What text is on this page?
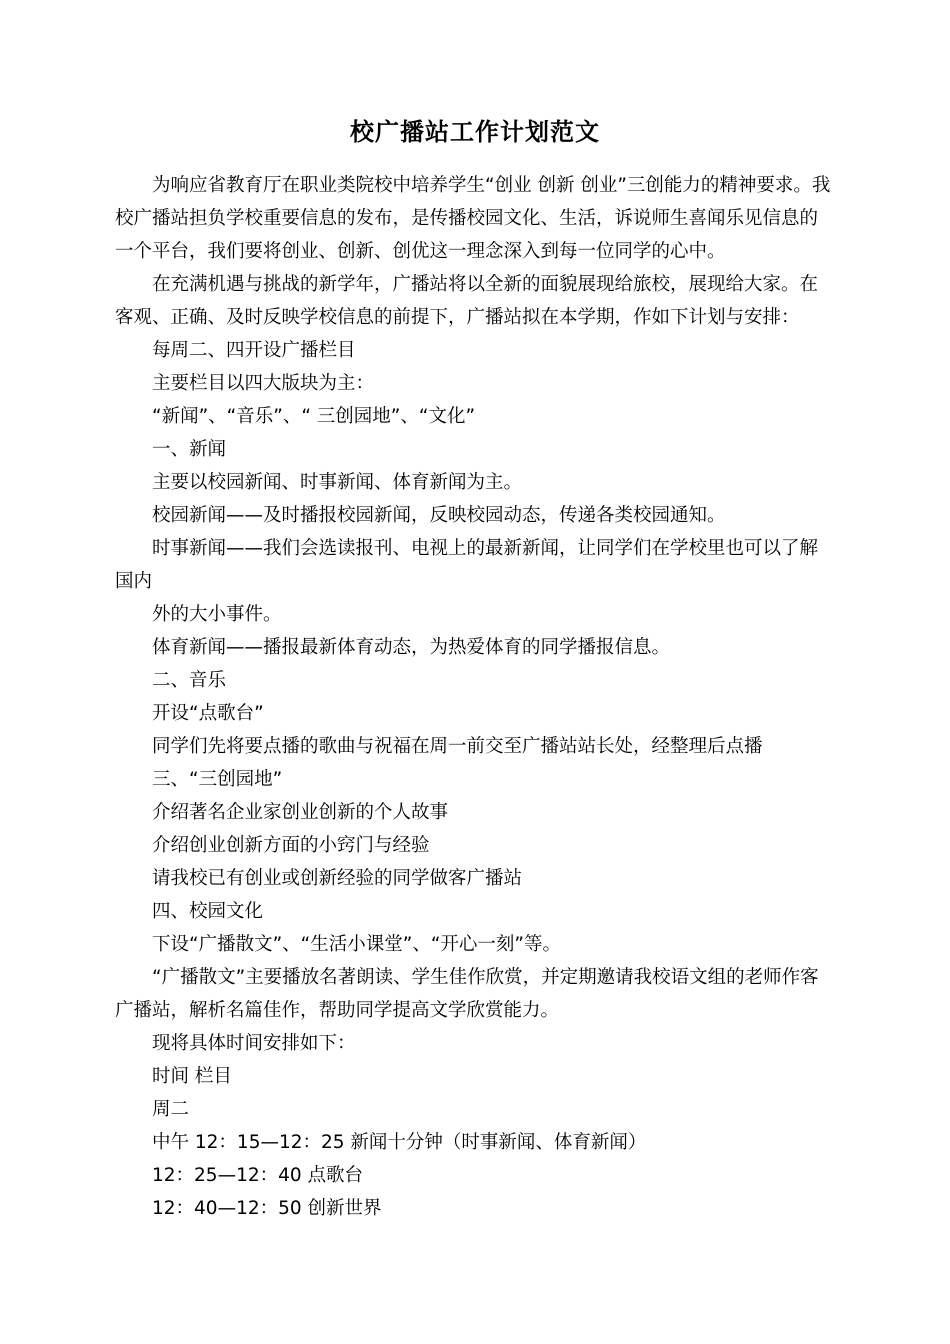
校广播站工作计划范文

为响应省教育厅在职业类院校中培养学生“创业 创新 创业”三创能力的精神要求。我校广播站担负学校重要信息的发布，是传播校园文化、生活，诉说师生喜闻乐见信息的一个平台，我们要将创业、创新、创优这一理念深入到每一位同学的心中。

在充满机遇与挑战的新学年，广播站将以全新的面貌展现给旅校，展现给大家。在客观、正确、及时反映学校信息的前提下，广播站拟在本学期，作如下计划与安排：

每周二、四开设广播栏目

主要栏目以四大版块为主：

“新闻”、“音乐”、“ 三创园地”、“文化”

一、新闻

主要以校园新闻、时事新闻、体育新闻为主。

校园新闻——及时播报校园新闻，反映校园动态，传递各类校园通知。

时事新闻——我们会选读报刊、电视上的最新新闻，让同学们在学校里也可以了解国内

外的大小事件。

体育新闻——播报最新体育动态，为热爱体育的同学播报信息。

二、音乐

开设“点歌台”

同学们先将要点播的歌曲与祝福在周一前交至广播站站长处，经整理后点播

三、“三创园地”

介绍著名企业家创业创新的个人故事

介绍创业创新方面的小窍门与经验

请我校已有创业或创新经验的同学做客广播站

四、校园文化

下设“广播散文”、“生活小课堂”、“开心一刻”等。

“广播散文”主要播放名著朗读、学生佳作欣赏，并定期邀请我校语文组的老师作客广播站，解析名篇佳作，帮助同学提高文学欣赏能力。

现将具体时间安排如下：

时间 栏目

周二

中午 12：15—12：25 新闻十分钟（时事新闻、体育新闻）

12：25—12：40 点歌台

12：40—12：50 创新世界
